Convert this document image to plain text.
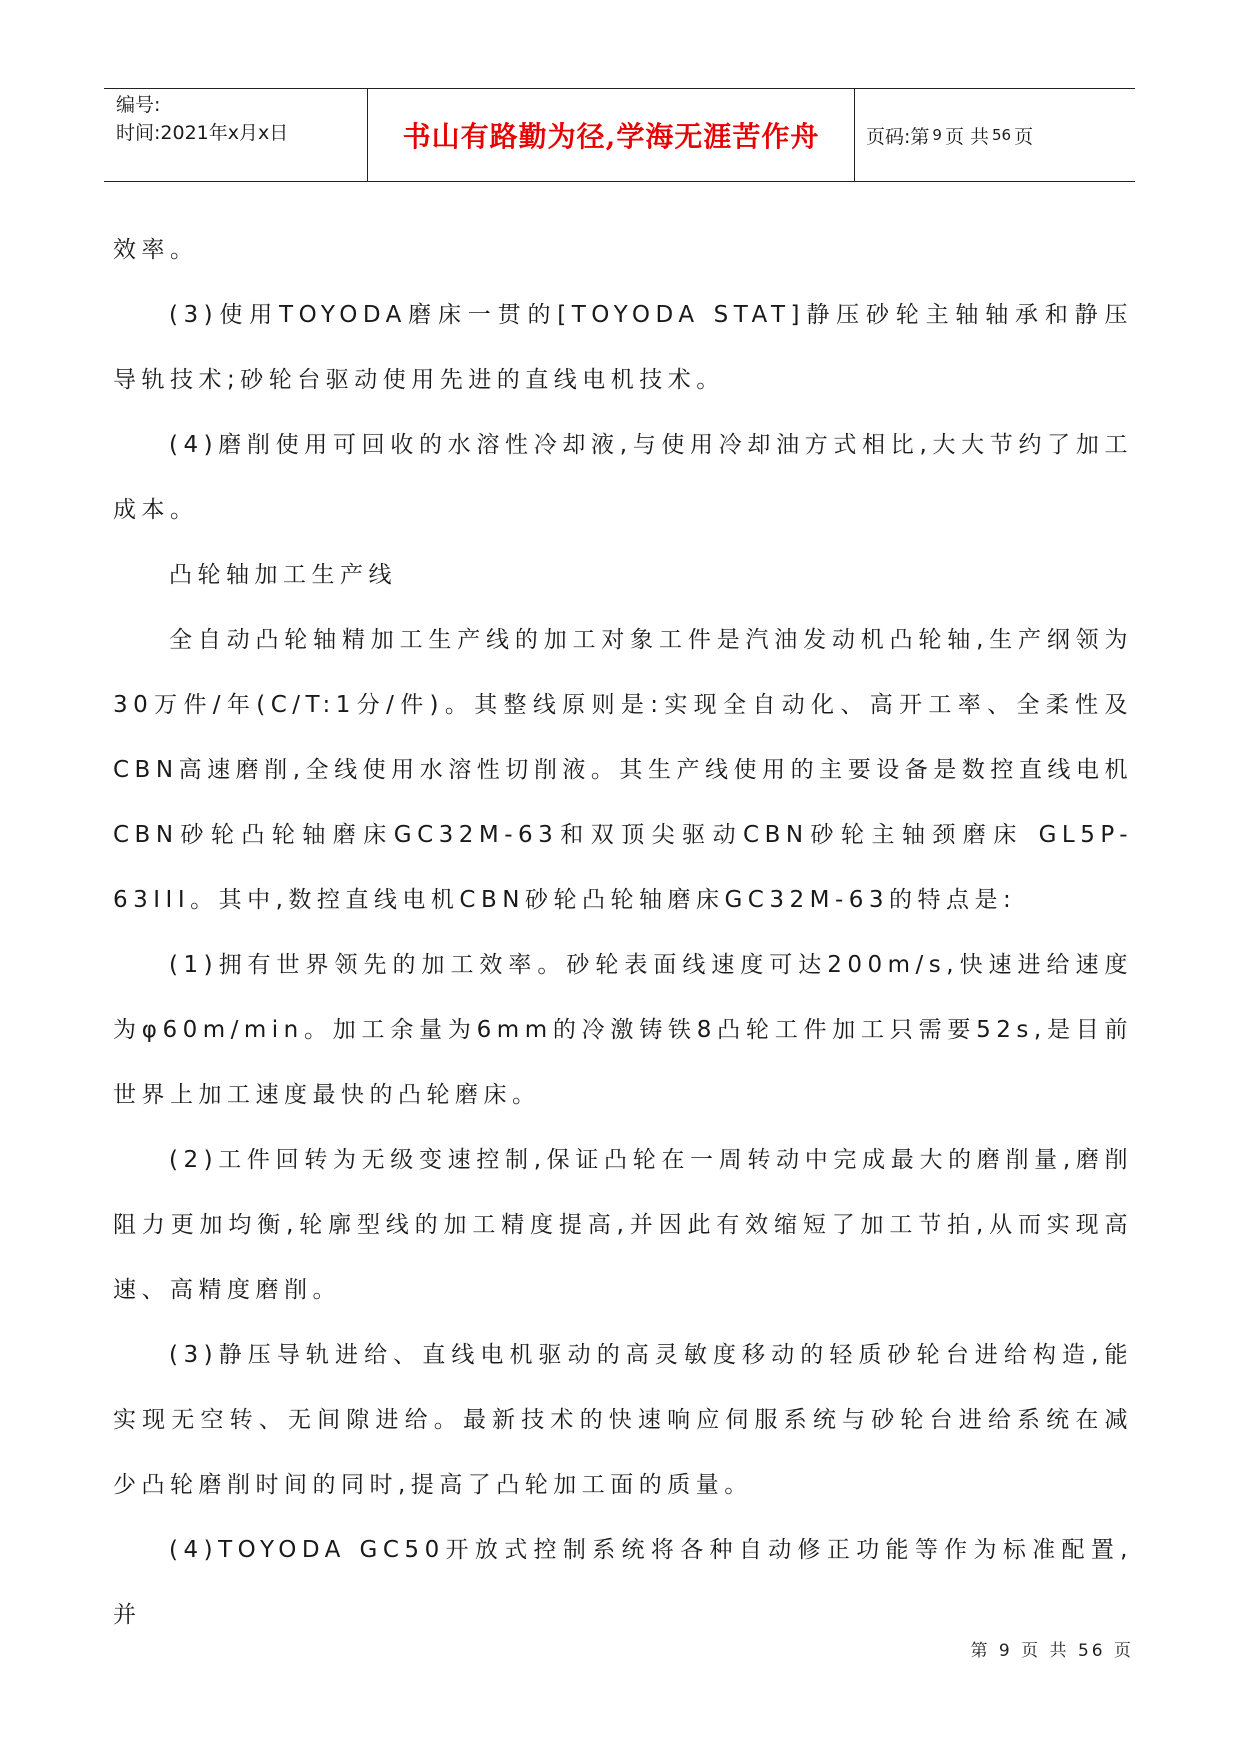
编号:
时间:2021年x月x日	书山有路勤为径,学海无涯苦作舟	页码:第 9 页 共 56 页

效率。

(3)使用TOYODA磨床一贯的[TOYODA STAT]静压砂轮主轴轴承和静压导轨技术;砂轮台驱动使用先进的直线电机技术。

(4)磨削使用可回收的水溶性冷却液,与使用冷却油方式相比,大大节约了加工成本。

凸轮轴加工生产线

全自动凸轮轴精加工生产线的加工对象工件是汽油发动机凸轮轴,生产纲领为30万件/年(C/T:1分/件)。其整线原则是:实现全自动化、高开工率、全柔性及CBN高速磨削,全线使用水溶性切削液。其生产线使用的主要设备是数控直线电机CBN砂轮凸轮轴磨床GC32M-63和双顶尖驱动CBN砂轮主轴颈磨床 GL5P-63III。其中,数控直线电机CBN砂轮凸轮轴磨床GC32M-63的特点是:

(1)拥有世界领先的加工效率。砂轮表面线速度可达200m/s,快速进给速度为φ60m/min。加工余量为6mm的冷激铸铁8凸轮工件加工只需要52s,是目前世界上加工速度最快的凸轮磨床。

(2)工件回转为无级变速控制,保证凸轮在一周转动中完成最大的磨削量,磨削阻力更加均衡,轮廓型线的加工精度提高,并因此有效缩短了加工节拍,从而实现高速、高精度磨削。

(3)静压导轨进给、直线电机驱动的高灵敏度移动的轻质砂轮台进给构造,能实现无空转、无间隙进给。最新技术的快速响应伺服系统与砂轮台进给系统在减少凸轮磨削时间的同时,提高了凸轮加工面的质量。

(4)TOYODA GC50开放式控制系统将各种自动修正功能等作为标准配置,并

第 9 页 共 56 页
